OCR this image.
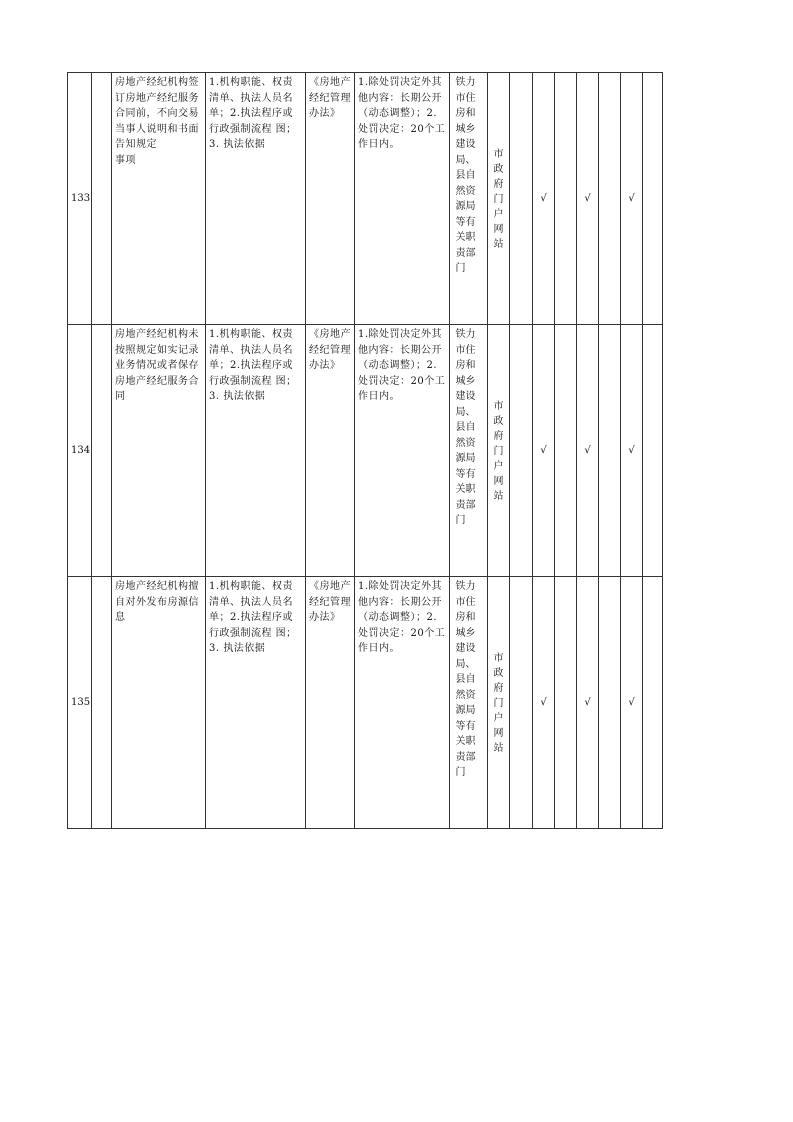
133		房地产经纪机构签订房地产经纪服务合同前，不向交易当事人说明和书面告知规定
事项	1.机构职能、权责清单、执法人员名单；2.执法程序或行政强制流程 图；3. 执法依据	《房地产经纪管理办法》	1.除处罚决定外其他内容：长期公开（动态调整）；2.处罚决定：20个工作日内。	铁力市住房和城乡建设局、县自然资源局等有关职责部门	市政府门户网站		√		√		√	
134		房地产经纪机构未按照规定如实记录业务情况或者保存房地产经纪服务合同	1.机构职能、权责清单、执法人员名单；2.执法程序或行政强制流程 图；3. 执法依据	《房地产经纪管理办法》	1.除处罚决定外其他内容：长期公开（动态调整）；2.处罚决定：20个工作日内。	铁力市住房和城乡建设局、县自然资源局等有关职责部门	市政府门户网站		√		√		√	
135		房地产经纪机构擅自对外发布房源信息	1.机构职能、权责清单、执法人员名单；2.执法程序或行政强制流程 图；3. 执法依据	《房地产经纪管理办法》	1.除处罚决定外其他内容：长期公开（动态调整）；2.处罚决定：20个工作日内。	铁力市住房和城乡建设局、县自然资源局等有关职责部门	市政府门户网站		√		√		√	
